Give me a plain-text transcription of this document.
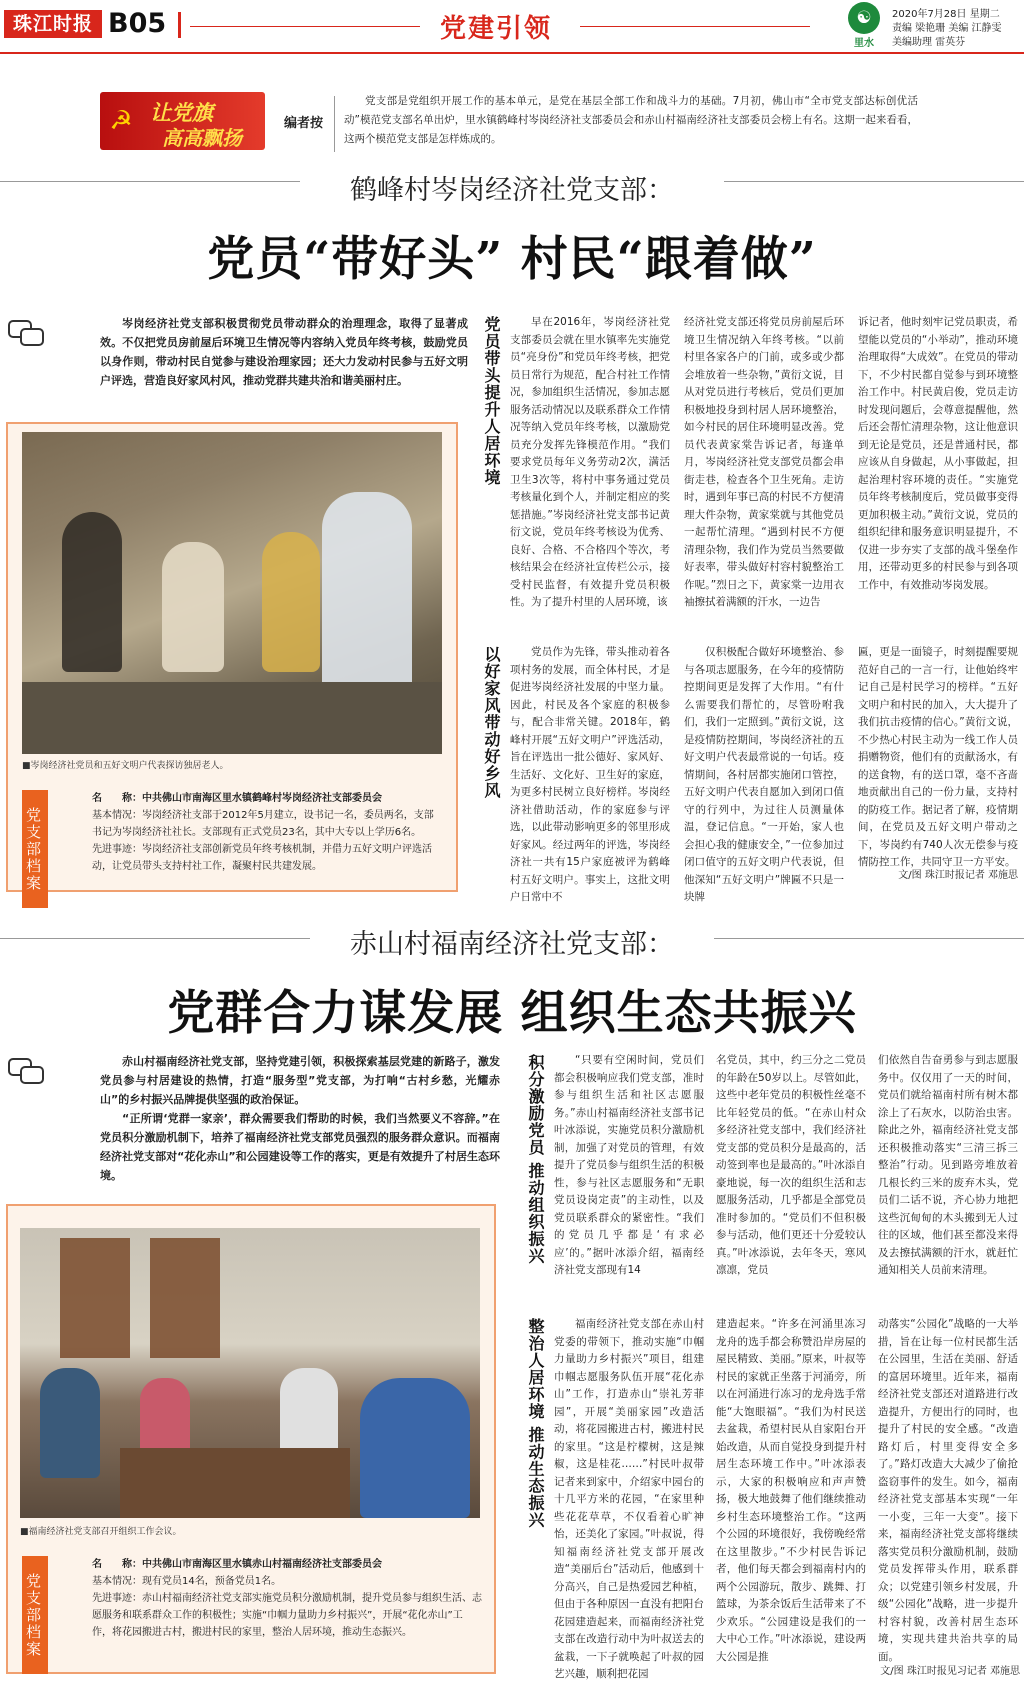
珠江时报 B05	党建引领	☯
里水
2020年7月28日 星期二
责编 梁艳珊 美编 江静雯
美编助理 雷英芬
☭ 让党旗
高高飘扬
编者按
党支部是党组织开展工作的基本单元，是党在基层全部工作和战斗力的基础。7月初，佛山市“全市党支部达标创优活动”模范党支部名单出炉，里水镇鹤峰村岑岗经济社支部委员会和赤山村福南经济社支部委员会榜上有名。这期一起来看看，这两个模范党支部是怎样炼成的。
鹤峰村岑岗经济社党支部：
党员“带好头” 村民“跟着做”
岑岗经济社党支部积极贯彻党员带动群众的治理理念，取得了显著成效。不仅把党员房前屋后环境卫生情况等内容纳入党员年终考核，鼓励党员以身作则，带动村民自觉参与建设治理家园；还大力发动村民参与五好文明户评选，营造良好家风村风，推动党群共建共治和谐美丽村庄。
■岑岗经济社党员和五好文明户代表探访独居老人。
党支部档案
名　　称：中共佛山市南海区里水镇鹤峰村岑岗经济社支部委员会
基本情况：岑岗经济社支部于2012年5月建立，设书记一名，委员两名，支部书记为岑岗经济社社长。支部现有正式党员23名，其中大专以上学历6名。
先进事迹：岑岗经济社支部创新党员年终考核机制，并借力五好文明户评选活动，让党员带头支持村社工作，凝聚村民共建发展。
党员带头提升人居环境	早在2016年，岑岗经济社党支部委员会就在里水镇率先实施党员“亮身份”和党员年终考核，把党员日常行为规范，配合村社工作情况，参加组织生活情况，参加志愿服务活动情况以及联系群众工作情况等纳入党员年终考核，以激励党员充分发挥先锋模范作用。“我们要求党员每年义务劳动2次，满活卫生3次等，将村中事务通过党员考核量化到个人，并制定相应的奖惩措施。”岑岗经济社党支部书记黄衍文说，党员年终考核设为优秀、良好、合格、不合格四个等次，考核结果会在经济社宣传栏公示，接受村民监督，有效提升党员积极性。为了提升村里的人居环境，该
经济社党支部还将党员房前屋后环境卫生情况纳入年终考核。“以前村里各家各户的门前，或多或少都会堆放着一些杂物，”黄衍文说，目从对党员进行考核后，党员们更加积极地投身到村居人居环境整治，如今村民的居住环境明显改善。党员代表黄家棠告诉记者，每逢单月，岑岗经济社党支部党员都会串街走巷，检查各个卫生死角。走访时，遇到年事已高的村民不方便清理大件杂物，黄家棠就与其他党员一起帮忙清理。“遇到村民不方便清理杂物，我们作为党员当然要做好表率，带头做好村容村貌整治工作呢。”烈日之下，黄家棠一边用衣袖擦拭着满额的汗水，一边告
诉记者，他时刻牢记党员职责，希望能以党员的“小举动”，推动环境治理取得“大成效”。在党员的带动下，不少村民都自觉参与到环境整治工作中。村民黄启俊，党员走访时发现问题后，会尊意提醒他，然后还会帮忙清理杂物，这让他意识到无论是党员，还是普通村民，都应该从自身做起，从小事做起，担起治理村容环境的责任。“实施党员年终考核制度后，党员做事变得更加积极主动。”黄衍文说，党员的组织纪律和服务意识明显提升，不仅进一步夯实了支部的战斗堡垒作用，还带动更多的村民参与到各项工作中，有效推动岑岗发展。
以好家风带动好乡风	党员作为先锋，带头推动着各项村务的发展，而全体村民，才是促进岑岗经济社发展的中坚力量。因此，村民及各个家庭的积极参与，配合非常关键。2018年，鹤峰村开展“五好文明户”评选活动，旨在评选出一批公德好、家风好、生活好、文化好、卫生好的家庭，为更多村民树立良好榜样。岑岗经济社借助活动，作的家庭参与评选，以此带动影响更多的邻里形成好家风。经过两年的评选，岑岗经济社一共有15户家庭被评为鹤峰村五好文明户。事实上，这批文明户日常中不
仅积极配合做好环境整治、参与各项志愿服务，在今年的疫情防控期间更是发挥了大作用。“有什么需要我们帮忙的，尽管吩咐我们，我们一定照到。”黄衍文说，这是疫情防控期间，岑岗经济社的五好文明户代表最常说的一句话。疫情期间，各村居都实施闭口管控，五好文明户代表自愿加入到闭口值守的行列中，为过往人员测量体温，登记信息。“一开始，家人也会担心我的健康安全，”一位参加过闭口值守的五好文明户代表说，但他深知“五好文明户”牌匾不只是一块牌
匾，更是一面镜子，时刻提醒要规范好自己的一言一行，让他始终牢记自己是村民学习的榜样。“五好文明户和村民的加入，大大提升了我们抗击疫情的信心。”黄衍文说，不少热心村民主动为一线工作人员捐赠物资，他们有的贡献汤水，有的送食物，有的送口罩，毫不吝啬地贡献出自己的一份力量，支持村的防疫工作。据记者了解，疫情期间，在党员及五好文明户带动之下，岑岗约有740人次无偿参与疫情防控工作，共同守卫一方平安。
文/图 珠江时报记者 邓施思
赤山村福南经济社党支部：
党群合力谋发展 组织生态共振兴

赤山村福南经济社党支部，坚持党建引领，积极探索基层党建的新路子，激发党员参与村居建设的热情，打造“服务型”党支部，为打响“古村乡愁，光耀赤山”的乡村振兴品牌提供坚强的政治保证。

“正所谓‘党群一家亲’，群众需要我们帮助的时候，我们当然要义不容辞。”在党员积分激励机制下，培养了福南经济社党支部党员强烈的服务群众意识。而福南经济社党支部对“花化赤山”和公园建设等工作的落实，更是有效提升了村居生态环境。

■福南经济社党支部召开组织工作会议。
党支部档案
名　　称：中共佛山市南海区里水镇赤山村福南经济社支部委员会
基本情况：现有党员14名，预备党员1名。
先进事迹：赤山村福南经济社党支部实施党员积分激励机制，提升党员参与组织生活、志愿服务和联系群众工作的积极性；实施“巾帼力量助力乡村振兴”，开展“花化赤山”工作，将花园搬进古村，搬进村民的家里，整治人居环境，推动生态振兴。
积分激励党员 推动组织振兴	“只要有空闲时间，党员们都会积极响应我们党支部，准时参与组织生活和社区志愿服务。”赤山村福南经济社支部书记叶冰添说，实施党员积分激励机制，加强了对党员的管理，有效提升了党员参与组织生活的积极性，参与社区志愿服务和“无职党员设岗定责”的主动性，以及党员联系群众的紧密性。“我们的党员几乎都是‘有求必应’的。”据叶冰添介绍，福南经济社党支部现有14
名党员，其中，约三分之二党员的年龄在50岁以上。尽管如此，这些中老年党员的积极性丝毫不比年轻党员的低。“在赤山村众多经济社党支部中，我们经济社党支部的党员积分是最高的，活动签到率也是最高的。”叶冰添自豪地说，每一次的组织生活和志愿服务活动，几乎都是全部党员准时参加的。“党员们不但积极参与活动，他们更还十分爱较认真。”叶冰添说，去年冬天，寒风凛凛，党员
们依然自告奋勇参与到志愿服务中。仅仅用了一天的时间，党员们就给福南村所有树木都涂上了石灰水，以防治虫害。除此之外，福南经济社党支部还积极推动落实“三清三拆三整治”行动。见到路旁堆放着几根长约三米的废弃木头，党员们二话不说，齐心协力地把这些沉甸甸的木头搬到无人过往的区域，他们甚至都没来得及去擦拭满额的汗水，就赶忙通知相关人员前来清理。
整治人居环境 推动生态振兴	福南经济社党支部在赤山村党委的带领下，推动实施“巾帼力量助力乡村振兴”项目，组建巾帼志愿服务队伍开展“花化赤山”工作，打造赤山“崇礼芳菲园”，开展“美丽家园”改造活动，将花园搬进古村，搬进村民的家里。“这是柠檬树，这是辣椒，这是桂花……”村民叶叔带记者来到家中，介绍家中园台的十几平方米的花园，“在家里种些花花草草，不仅看着心旷神怡，还美化了家园。”叶叔说，得知福南经济社党支部开展改造“美丽后台”活动后，他感到十分高兴，自己是热爱园艺种植，但由于各种原因一直没有把阳台花园建造起来，而福南经济社党支部在改造行动中为叶叔送去的盆栽，一下子就唤起了叶叔的园艺兴趣，顺利把花园
建造起来。“许多在河涌里冻习龙舟的选手都会称赞沿岸房屋的屋民精致、美丽。”原来，叶叔等村民的家就正坐落于河涌旁，所以在河涌进行冻习的龙舟选手常能“大饱眼福”。“我们为村民送去盆栽，希望村民从自家阳台开始改造，从而自觉投身到提升村居生态环境工作中。”叶冰添表示，大家的积极响应和声声赞扬，极大地鼓舞了他们继续推动乡村生态环境整治工作。“这两个公园的环境很好，我傍晚经常在这里散步。”不少村民告诉记者，他们每天都会到福南村内的两个公园游玩，散步、跳舞、打篮球，为茶余饭后生活带来了不少欢乐。“公园建设是我们的一大中心工作。”叶冰添说，建设两大公园是推
动落实“公园化”战略的一大举措，旨在让每一位村民都生活在公园里，生活在美丽、舒适的富居环境里。近年来，福南经济社党支部还对道路进行改造提升，方便出行的同时，也提升了村民的安全感。“改造路灯后，村里变得安全多了。”路灯改造大大减少了偷抢盗窃事件的发生。如今，福南经济社党支部基本实现“一年一小变，三年一大变”。接下来，福南经济社党支部将继续落实党员积分激励机制，鼓励党员发挥带头作用，联系群众；以党建引领乡村发展，升级“公园化”战略，进一步提升村容村貌，改善村居生态环境，实现共建共治共享的局面。
文/图 珠江时报见习记者 邓施思
